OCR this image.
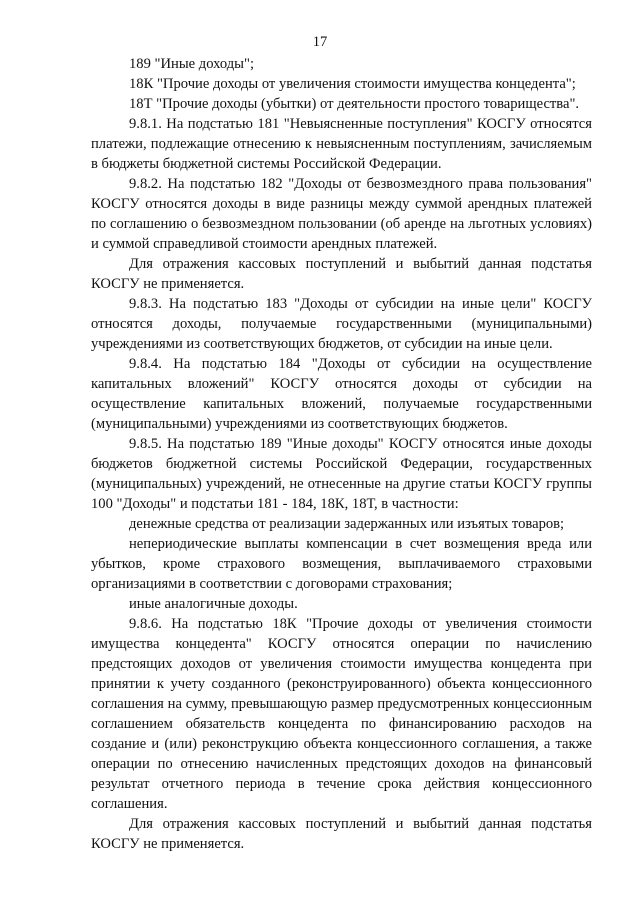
17

189 "Иные доходы";

18К "Прочие доходы от увеличения стоимости имущества концедента";

18Т "Прочие доходы (убытки) от деятельности простого товарищества".

9.8.1. На подстатью 181 "Невыясненные поступления" КОСГУ относятся платежи, подлежащие отнесению к невыясненным поступлениям, зачисляемым в бюджеты бюджетной системы Российской Федерации.

9.8.2. На подстатью 182 "Доходы от безвозмездного права пользования" КОСГУ относятся доходы в виде разницы между суммой арендных платежей по соглашению о безвозмездном пользовании (об аренде на льготных условиях) и суммой справедливой стоимости арендных платежей.

Для отражения кассовых поступлений и выбытий данная подстатья КОСГУ не применяется.

9.8.3. На подстатью 183 "Доходы от субсидии на иные цели" КОСГУ относятся доходы, получаемые государственными (муниципальными) учреждениями из соответствующих бюджетов, от субсидии на иные цели.

9.8.4. На подстатью 184 "Доходы от субсидии на осуществление капитальных вложений" КОСГУ относятся доходы от субсидии на осуществление капитальных вложений, получаемые государственными (муниципальными) учреждениями из соответствующих бюджетов.

9.8.5. На подстатью 189 "Иные доходы" КОСГУ относятся иные доходы бюджетов бюджетной системы Российской Федерации, государственных (муниципальных) учреждений, не отнесенные на другие статьи КОСГУ группы 100 "Доходы" и подстатьи 181 - 184, 18К, 18Т, в частности:

денежные средства от реализации задержанных или изъятых товаров;

непериодические выплаты компенсации в счет возмещения вреда или убытков, кроме страхового возмещения, выплачиваемого страховыми организациями в соответствии с договорами страхования;

иные аналогичные доходы.

9.8.6. На подстатью 18К "Прочие доходы от увеличения стоимости имущества концедента" КОСГУ относятся операции по начислению предстоящих доходов от увеличения стоимости имущества концедента при принятии к учету созданного (реконструированного) объекта концессионного соглашения на сумму, превышающую размер предусмотренных концессионным соглашением обязательств концедента по финансированию расходов на создание и (или) реконструкцию объекта концессионного соглашения, а также операции по отнесению начисленных предстоящих доходов на финансовый результат отчетного периода в течение срока действия концессионного соглашения.

Для отражения кассовых поступлений и выбытий данная подстатья КОСГУ не применяется.
